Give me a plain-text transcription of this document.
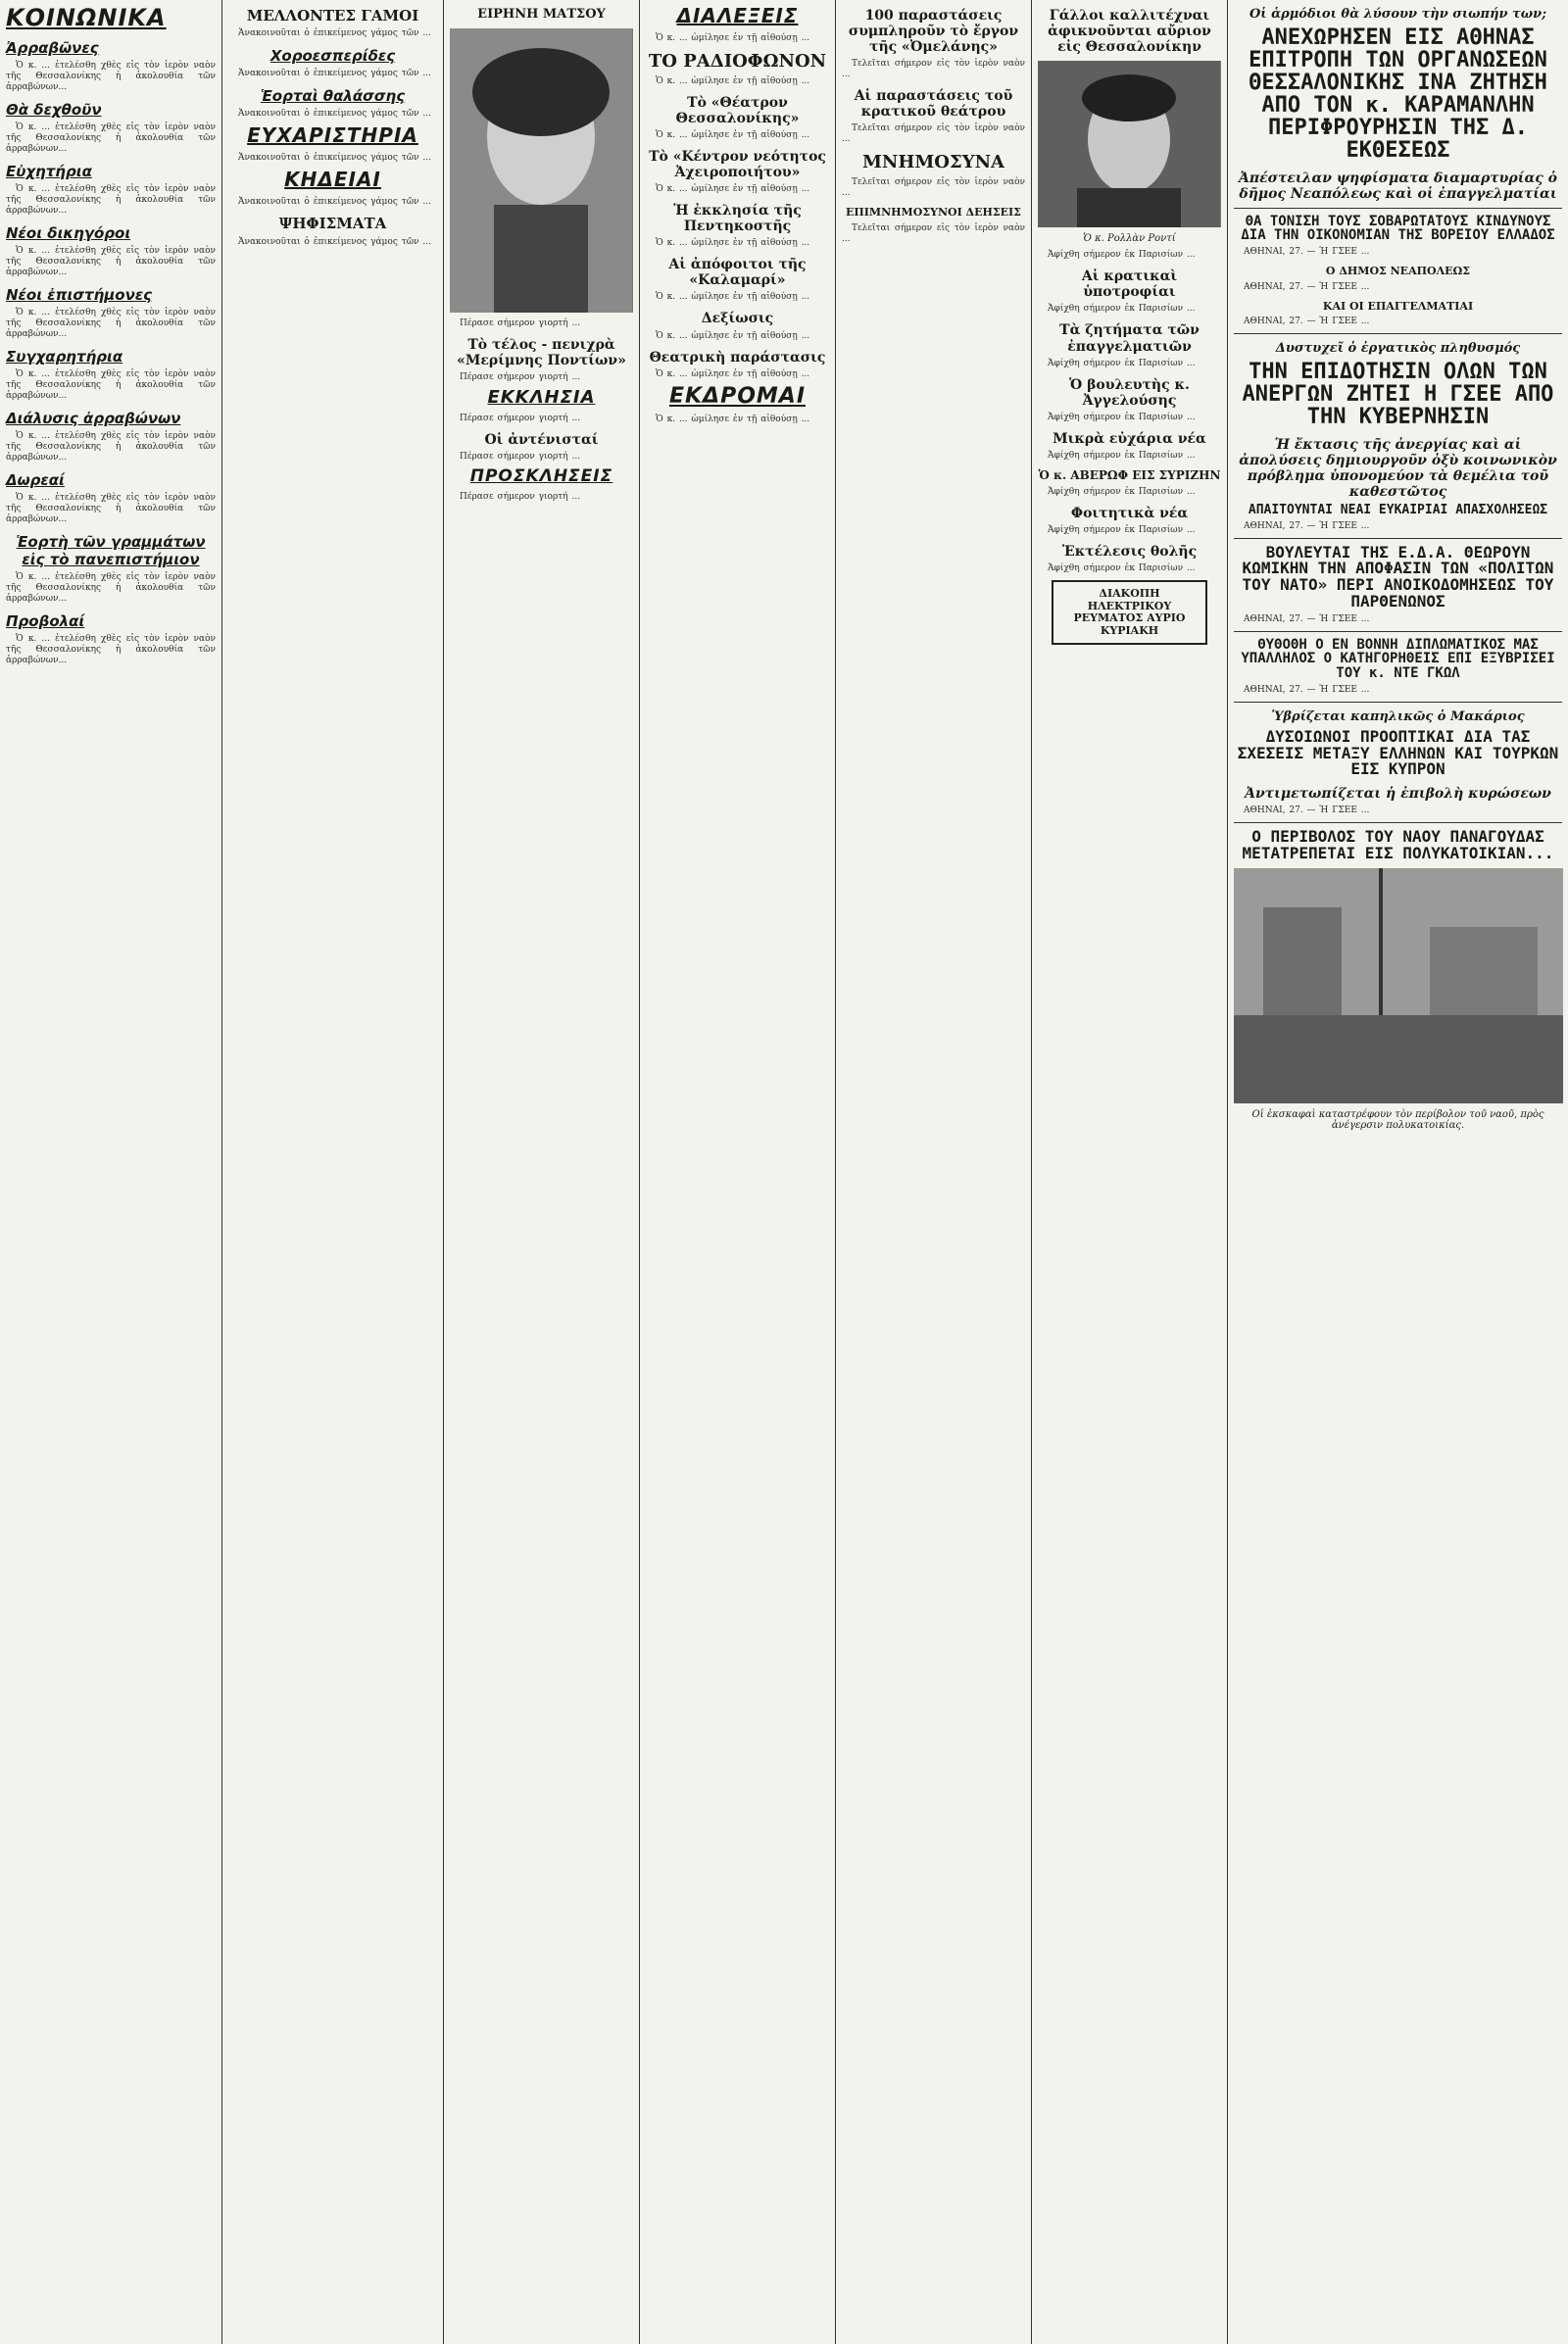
ΚΟΙΝΩΝΙΚΑ
Ἀρραβῶνες

Ὁ κ. ... ἐτελέσθη χθὲς εἰς τὸν ἱερὸν ναὸν τῆς Θεσσαλονίκης ἡ ἀκολουθία τῶν ἀρραβώνων...

Θὰ δεχθοῦν

Ὁ κ. ... ἐτελέσθη χθὲς εἰς τὸν ἱερὸν ναὸν τῆς Θεσσαλονίκης ἡ ἀκολουθία τῶν ἀρραβώνων...

Εὐχητήρια

Ὁ κ. ... ἐτελέσθη χθὲς εἰς τὸν ἱερὸν ναὸν τῆς Θεσσαλονίκης ἡ ἀκολουθία τῶν ἀρραβώνων...

Νέοι δικηγόροι

Ὁ κ. ... ἐτελέσθη χθὲς εἰς τὸν ἱερὸν ναὸν τῆς Θεσσαλονίκης ἡ ἀκολουθία τῶν ἀρραβώνων...

Νέοι ἐπιστήμονες

Ὁ κ. ... ἐτελέσθη χθὲς εἰς τὸν ἱερὸν ναὸν τῆς Θεσσαλονίκης ἡ ἀκολουθία τῶν ἀρραβώνων...

Συγχαρητήρια

Ὁ κ. ... ἐτελέσθη χθὲς εἰς τὸν ἱερὸν ναὸν τῆς Θεσσαλονίκης ἡ ἀκολουθία τῶν ἀρραβώνων...

Διάλυσις ἀρραβώνων

Ὁ κ. ... ἐτελέσθη χθὲς εἰς τὸν ἱερὸν ναὸν τῆς Θεσσαλονίκης ἡ ἀκολουθία τῶν ἀρραβώνων...

Δωρεαί

Ὁ κ. ... ἐτελέσθη χθὲς εἰς τὸν ἱερὸν ναὸν τῆς Θεσσαλονίκης ἡ ἀκολουθία τῶν ἀρραβώνων...

Ἑορτὴ τῶν γραμμάτων εἰς τὸ πανεπιστήμιον

Ὁ κ. ... ἐτελέσθη χθὲς εἰς τὸν ἱερὸν ναὸν τῆς Θεσσαλονίκης ἡ ἀκολουθία τῶν ἀρραβώνων...

Προβολαί

Ὁ κ. ... ἐτελέσθη χθὲς εἰς τὸν ἱερὸν ναὸν τῆς Θεσσαλονίκης ἡ ἀκολουθία τῶν ἀρραβώνων...

ΜΕΛΛΟΝΤΕΣ ΓΑΜΟΙ

Ἀνακοινοῦται ὁ ἐπικείμενος γάμος τῶν ...

Χοροεσπερίδες

Ἀνακοινοῦται ὁ ἐπικείμενος γάμος τῶν ...

Ἑορταὶ θαλάσσης

Ἀνακοινοῦται ὁ ἐπικείμενος γάμος τῶν ...

ΕΥΧΑΡΙΣΤΗΡΙΑ

Ἀνακοινοῦται ὁ ἐπικείμενος γάμος τῶν ...

ΚΗΔΕΙΑΙ

Ἀνακοινοῦται ὁ ἐπικείμενος γάμος τῶν ...

ΨΗΦΙΣΜΑΤΑ

Ἀνακοινοῦται ὁ ἐπικείμενος γάμος τῶν ...

ΕΙΡΗΝΗ ΜΑΤΣΟΥ

Πέρασε σήμερον γιορτή ...

Τὸ τέλος - πενιχρὰ «Μερίμνης Ποντίων»

Πέρασε σήμερον γιορτή ...

ΕΚΚΛΗΣΙΑ

Πέρασε σήμερον γιορτή ...

Οἱ ἀντένισταί

Πέρασε σήμερον γιορτή ...

ΠΡΟΣΚΛΗΣΕΙΣ

Πέρασε σήμερον γιορτή ...

ΔΙΑΛΕΞΕΙΣ

Ὁ κ. ... ὡμίλησε ἐν τῇ αἰθούσῃ ...

ΤΟ ΡΑΔΙΟΦΩΝΟΝ

Ὁ κ. ... ὡμίλησε ἐν τῇ αἰθούσῃ ...

Τὸ «Θέατρον Θεσσαλονίκης»

Ὁ κ. ... ὡμίλησε ἐν τῇ αἰθούσῃ ...

Τὸ «Κέντρον νεότητος Ἀχειροποιήτου»

Ὁ κ. ... ὡμίλησε ἐν τῇ αἰθούσῃ ...

Ἡ ἐκκλησία τῆς Πεντηκοστῆς

Ὁ κ. ... ὡμίλησε ἐν τῇ αἰθούσῃ ...

Αἱ ἀπόφοιτοι τῆς «Καλαμαρί»

Ὁ κ. ... ὡμίλησε ἐν τῇ αἰθούσῃ ...

Δεξίωσις

Ὁ κ. ... ὡμίλησε ἐν τῇ αἰθούσῃ ...

Θεατρικὴ παράστασις

Ὁ κ. ... ὡμίλησε ἐν τῇ αἰθούσῃ ...

ΕΚΔΡΟΜΑΙ

Ὁ κ. ... ὡμίλησε ἐν τῇ αἰθούσῃ ...

100 παραστάσεις συμπληροῦν τὸ ἔργον τῆς «Ὀμελάνης»

Τελεῖται σήμερον εἰς τὸν ἱερὸν ναὸν ...

Αἱ παραστάσεις τοῦ κρατικοῦ θεάτρου

Τελεῖται σήμερον εἰς τὸν ἱερὸν ναὸν ...

ΜΝΗΜΟΣΥΝΑ

Τελεῖται σήμερον εἰς τὸν ἱερὸν ναὸν ...

ΕΠΙΜΝΗΜΟΣΥΝΟΙ ΔΕΗΣΕΙΣ

Τελεῖται σήμερον εἰς τὸν ἱερὸν ναὸν ...

Γάλλοι καλλιτέχναι ἀφικνοῦνται αὔριον εἰς Θεσσαλονίκην
Ὁ κ. Ρολλὰν Ροντί

Ἀφίχθη σήμερον ἐκ Παρισίων ...

Αἱ κρατικαὶ ὑποτροφίαι

Ἀφίχθη σήμερον ἐκ Παρισίων ...

Τὰ ζητήματα τῶν ἐπαγγελματιῶν

Ἀφίχθη σήμερον ἐκ Παρισίων ...

Ὁ βουλευτὴς κ. Ἀγγελούσης

Ἀφίχθη σήμερον ἐκ Παρισίων ...

Μικρὰ εὐχάρια νέα

Ἀφίχθη σήμερον ἐκ Παρισίων ...

Ὁ κ. ΑΒΕΡΩΦ ΕΙΣ ΣΥΡΙΖΗΝ

Ἀφίχθη σήμερον ἐκ Παρισίων ...

Φοιτητικὰ νέα

Ἀφίχθη σήμερον ἐκ Παρισίων ...

Ἐκτέλεσις θολῆς

Ἀφίχθη σήμερον ἐκ Παρισίων ...

ΔΙΑΚΟΠΗ ΗΛΕΚΤΡΙΚΟΥ ΡΕΥΜΑΤΟΣ ΑΥΡΙΟ ΚΥΡΙΑΚΗ
Οἱ ἁρμόδιοι θὰ λύσουν τὴν σιωπήν των;
ΑΝΕΧΩΡΗΣΕΝ ΕΙΣ ΑΘΗΝΑΣ ΕΠΙΤΡΟΠΗ ΤΩΝ ΟΡΓΑΝΩΣΕΩΝ ΘΕΣΣΑΛΟΝΙΚΗΣ ΙΝΑ ΖΗΤΗΣΗ ΑΠΟ ΤΟΝ κ. ΚΑΡΑΜΑΝΛΗΝ ΠΕΡΙΦΡΟΥΡΗΣΙΝ ΤΗΣ Δ. ΕΚΘΕΣΕΩΣ
Ἀπέστειλαν ψηφίσματα διαμαρτυρίας ὁ δῆμος Νεαπόλεως καὶ οἱ ἐπαγγελματίαι
ΘΑ ΤΟΝΙΣΗ ΤΟΥΣ ΣΟΒΑΡΩΤΑΤΟΥΣ ΚΙΝΔΥΝΟΥΣ ΔΙΑ ΤΗΝ ΟΙΚΟΝΟΜΙΑΝ ΤΗΣ ΒΟΡΕΙΟΥ ΕΛΛΑΔΟΣ

ΑΘΗΝΑΙ, 27. — Ἡ ΓΣΕΕ ...

Ο ΔΗΜΟΣ ΝΕΑΠΟΛΕΩΣ

ΑΘΗΝΑΙ, 27. — Ἡ ΓΣΕΕ ...

ΚΑΙ ΟΙ ΕΠΑΓΓΕΛΜΑΤΙΑΙ

ΑΘΗΝΑΙ, 27. — Ἡ ΓΣΕΕ ...

Δυστυχεῖ ὁ ἐργατικὸς πληθυσμός
ΤΗΝ ΕΠΙΔΟΤΗΣΙΝ ΟΛΩΝ ΤΩΝ ΑΝΕΡΓΩΝ ΖΗΤΕΙ Η ΓΣΕΕ ΑΠΟ ΤΗΝ ΚΥΒΕΡΝΗΣΙΝ
Ἡ ἔκτασις τῆς ἀνεργίας καὶ αἱ ἀπολύσεις δημιουργοῦν ὀξὺ κοινωνικὸν πρόβλημα ὑπονομεύον τὰ θεμέλια τοῦ καθεστῶτος
ΑΠΑΙΤΟΥΝΤΑΙ ΝΕΑΙ ΕΥΚΑΙΡΙΑΙ ΑΠΑΣΧΟΛΗΣΕΩΣ

ΑΘΗΝΑΙ, 27. — Ἡ ΓΣΕΕ ...

ΒΟΥΛΕΥΤΑΙ ΤΗΣ Ε.Δ.Α. ΘΕΩΡΟΥΝ ΚΩΜΙΚΗΝ ΤΗΝ ΑΠΟΦΑΣΙΝ ΤΩΝ «ΠΟΛΙΤΩΝ ΤΟΥ ΝΑΤΟ» ΠΕΡΙ ΑΝΟΙΚΟΔΟΜΗΣΕΩΣ ΤΟΥ ΠΑΡΘΕΝΩΝΟΣ

ΑΘΗΝΑΙ, 27. — Ἡ ΓΣΕΕ ...

ΘΥΘΟΘΗ Ο ΕΝ ΒΟΝΝΗ ΔΙΠΛΩΜΑΤΙΚΟΣ ΜΑΣ ΥΠΑΛΛΗΛΟΣ Ο ΚΑΤΗΓΟΡΗΘΕΙΣ ΕΠΙ ΕΞΥΒΡΙΣΕΙ ΤΟΥ κ. ΝΤΕ ΓΚΩΛ

ΑΘΗΝΑΙ, 27. — Ἡ ΓΣΕΕ ...

Ὑβρίζεται καπηλικῶς ὁ Μακάριος
ΔΥΣΟΙΩΝΟΙ ΠΡΟΟΠΤΙΚΑΙ ΔΙΑ ΤΑΣ ΣΧΕΣΕΙΣ ΜΕΤΑΞΥ ΕΛΛΗΝΩΝ ΚΑΙ ΤΟΥΡΚΩΝ ΕΙΣ ΚΥΠΡΟΝ
Ἀντιμετωπίζεται ἡ ἐπιβολὴ κυρώσεων

ΑΘΗΝΑΙ, 27. — Ἡ ΓΣΕΕ ...

Ο ΠΕΡΙΒΟΛΟΣ ΤΟΥ ΝΑΟΥ ΠΑΝΑΓΟΥΔΑΣ ΜΕΤΑΤΡΕΠΕΤΑΙ ΕΙΣ ΠΟΛΥΚΑΤΟΙΚΙΑΝ...
Οἱ ἐκσκαφαὶ καταστρέφουν τὸν περίβολον τοῦ ναοῦ, πρὸς ἀνέγερσιν πολυκατοικίας.
